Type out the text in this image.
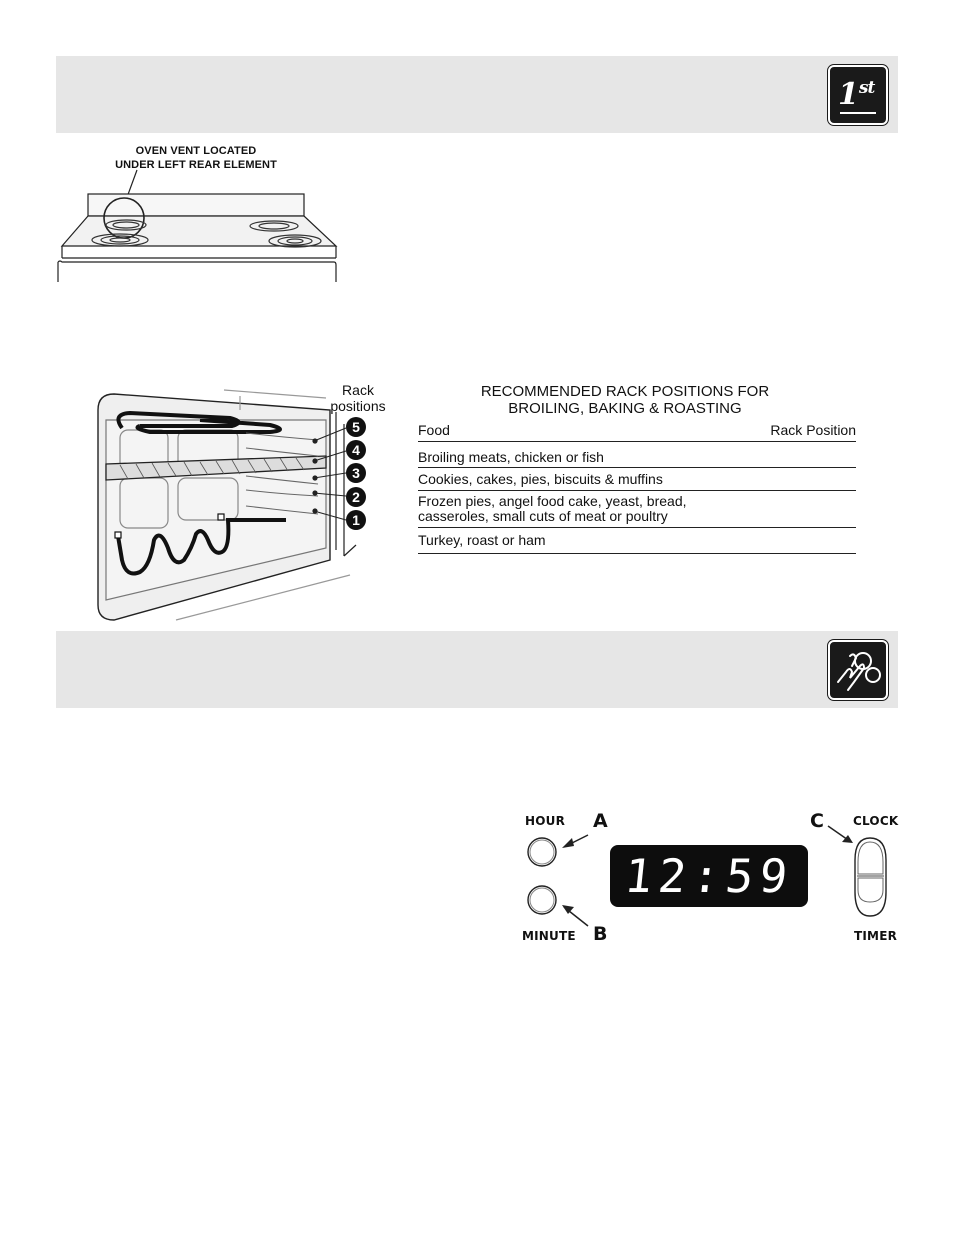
1st
OVEN VENT LOCATED
UNDER LEFT REAR ELEMENT
5
4
3
2
1
Rack
positions
RECOMMENDED RACK POSITIONS FOR
BROILING, BAKING & ROASTING
Food	Rack Position
Broiling meats, chicken or fish
Cookies, cakes, pies, biscuits & muffins
Frozen pies, angel food cake, yeast, bread,
casseroles, small cuts of meat or poultry
Turkey, roast or ham
HOUR
MINUTE
CLOCK
TIMER
A
B
C
12:59
